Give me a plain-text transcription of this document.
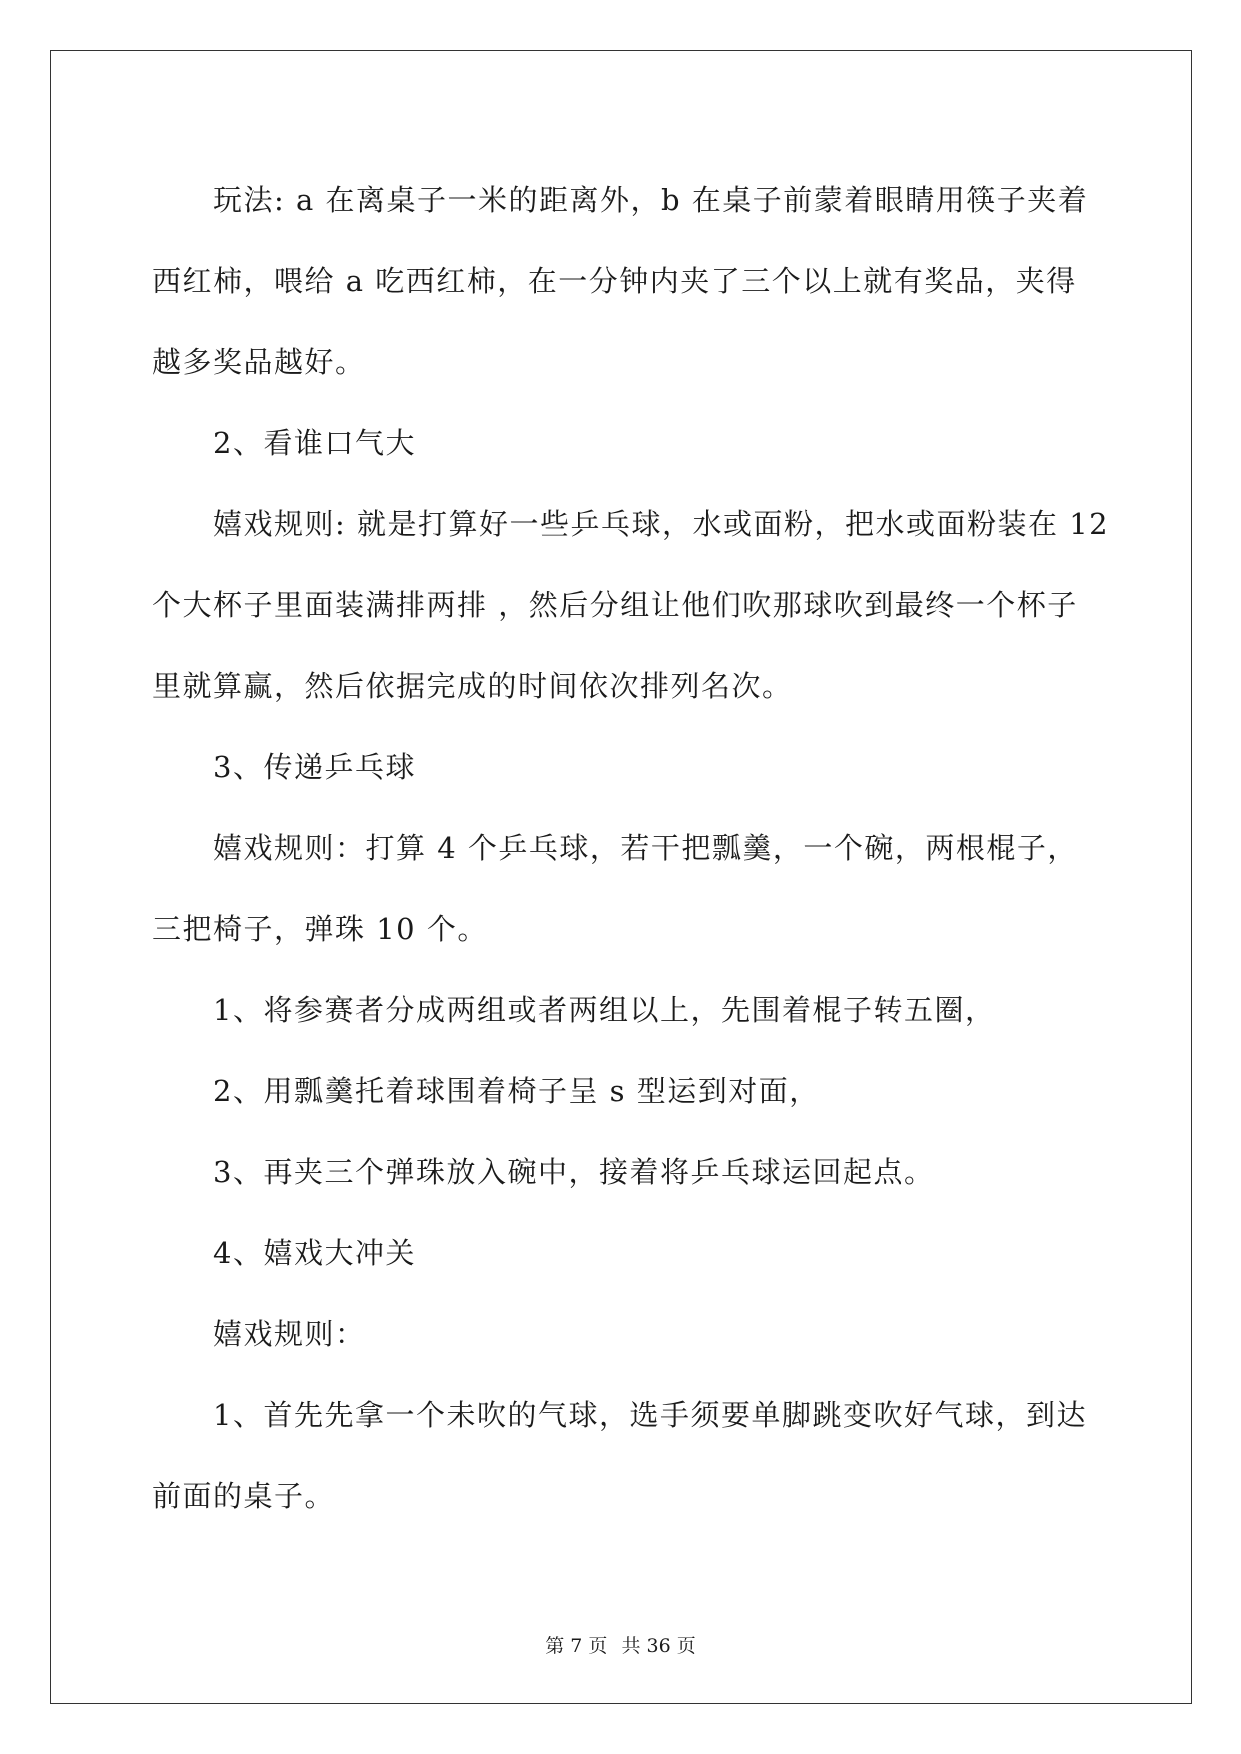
玩法: a 在离桌子一米的距离外，b 在桌子前蒙着眼睛用筷子夹着
西红柿，喂给 a 吃西红柿，在一分钟内夹了三个以上就有奖品，夹得
越多奖品越好。

2、看谁口气大

嬉戏规则: 就是打算好一些乒乓球，水或面粉，把水或面粉装在 12
个大杯子里面装满排两排 ，然后分组让他们吹那球吹到最终一个杯子
里就算赢，然后依据完成的时间依次排列名次。

3、传递乒乓球

嬉戏规则：打算 4 个乒乓球，若干把瓢羹，一个碗，两根棍子，
三把椅子，弹珠 10 个。

1、将参赛者分成两组或者两组以上，先围着棍子转五圈，

2、用瓢羹托着球围着椅子呈 s 型运到对面，

3、再夹三个弹珠放入碗中，接着将乒乓球运回起点。

4、嬉戏大冲关

嬉戏规则：

1、首先先拿一个未吹的气球，选手须要单脚跳变吹好气球，到达
前面的桌子。

第 7 页 共 36 页
